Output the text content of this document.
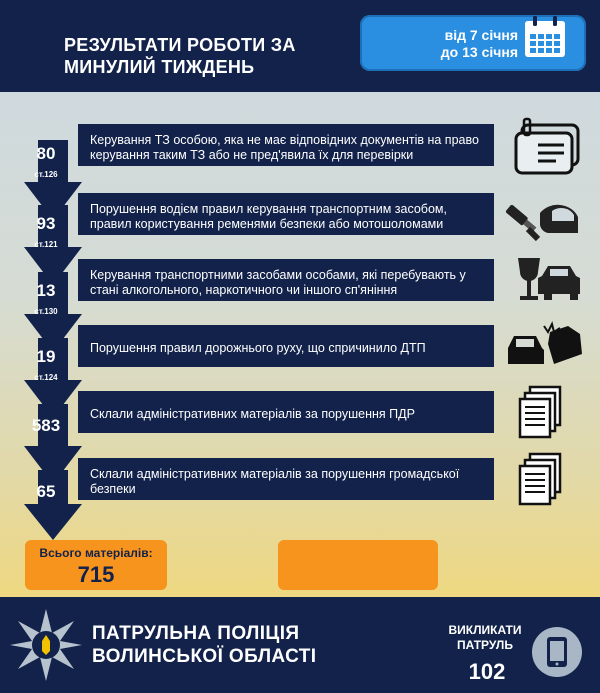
РЕЗУЛЬТАТИ РОБОТИ ЗА МИНУЛИЙ ТИЖДЕНЬ
від 7 січня
до 13 січня
Керування ТЗ особою, яка не має відповідних документів на право керування таким ТЗ або не пред'явила їх для перевірки
80
ст.126
Порушення водієм правил керування транспортним засобом, правил користування ременями безпеки або мотошоломами
93
ст.121
Керування транспортними засобами особами, які перебувають у стані алкогольного, наркотичного чи іншого сп'яніння
13
ст.130
Порушення правил дорожнього руху, що спричинило ДТП
19
ст.124
Склали адміністративних матеріалів за порушення ПДР
583
Склали адміністративних матеріалів за порушення громадської безпеки
65
Всього матеріалів:
715
ПАТРУЛЬНА ПОЛІЦІЯ
ВОЛИНСЬКОЇ ОБЛАСТІ
ВИКЛИКАТИ
ПАТРУЛЬ
102
